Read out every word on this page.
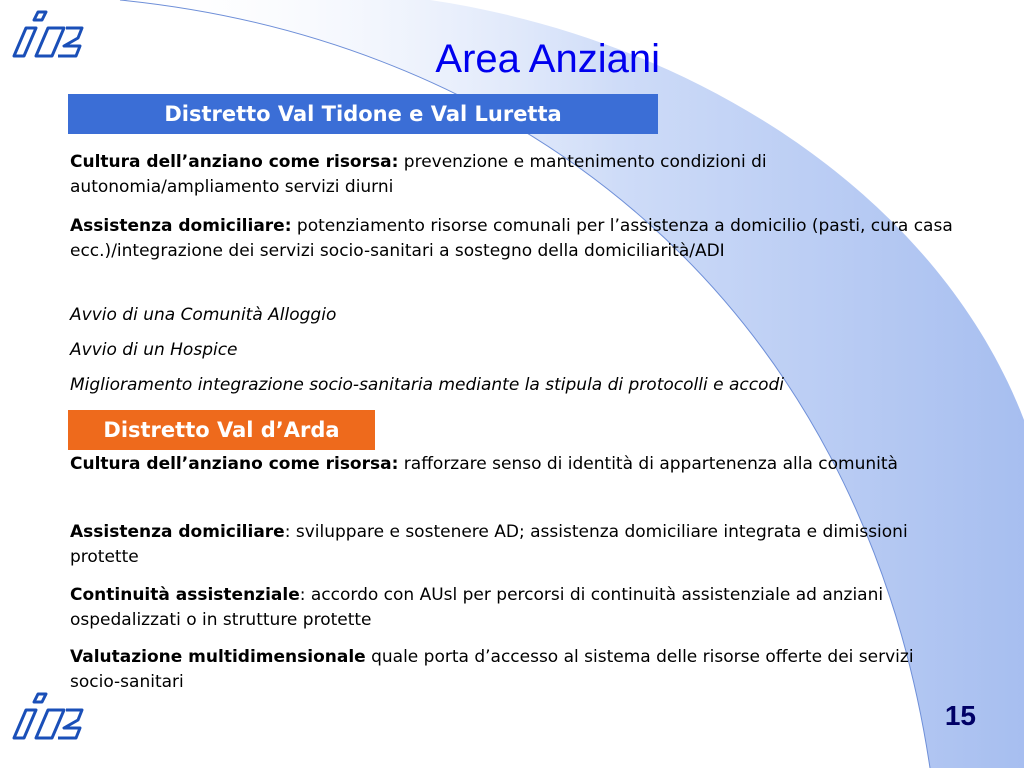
Area Anziani
Distretto Val Tidone e Val Luretta

Cultura dell’anziano come risorsa: prevenzione e mantenimento condizioni di autonomia/ampliamento servizi diurni

Assistenza domiciliare: potenziamento risorse comunali per l’assistenza a domicilio (pasti, cura casa ecc.)/integrazione dei servizi socio-sanitari a sostegno della domiciliarità/ADI

Avvio di una Comunità Alloggio

Avvio di un Hospice

Miglioramento integrazione socio-sanitaria mediante la stipula di protocolli e accodi

Distretto Val d’Arda

Cultura dell’anziano come risorsa: rafforzare senso di identità di appartenenza alla comunità

Assistenza domiciliare: sviluppare e sostenere AD; assistenza domiciliare integrata e dimissioni protette

Continuità assistenziale: accordo con AUsl per percorsi di continuità assistenziale ad anziani ospedalizzati o in strutture protette

Valutazione multidimensionale quale porta d’accesso al sistema delle risorse offerte dei servizi socio-sanitari

15
